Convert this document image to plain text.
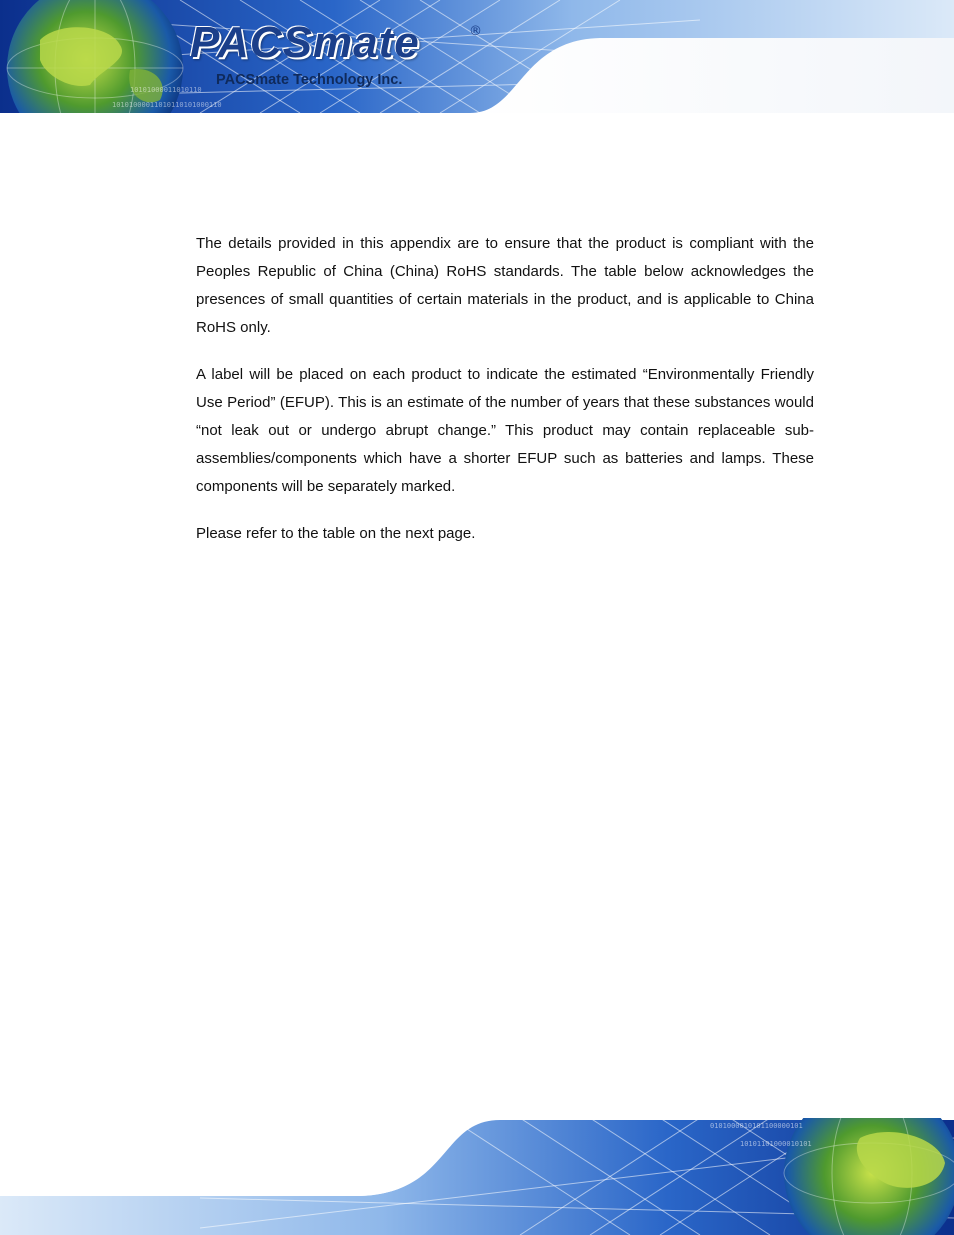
10101000011010110
10101000011010110101000110
PACSmate	®
PACSmate Technology Inc.

The details provided in this appendix are to ensure that the product is compliant with the Peoples Republic of China (China) RoHS standards. The table below acknowledges the presences of small quantities of certain materials in the product, and is applicable to China RoHS only.

A label will be placed on each product to indicate the estimated “Environmentally Friendly Use Period” (EFUP). This is an estimate of the number of years that these substances would “not leak out or undergo abrupt change.” This product may contain replaceable sub-assemblies/components which have a shorter EFUP such as batteries and lamps. These components will be separately marked.

Please refer to the table on the next page.

0101000010101100000101
10101101000010101
